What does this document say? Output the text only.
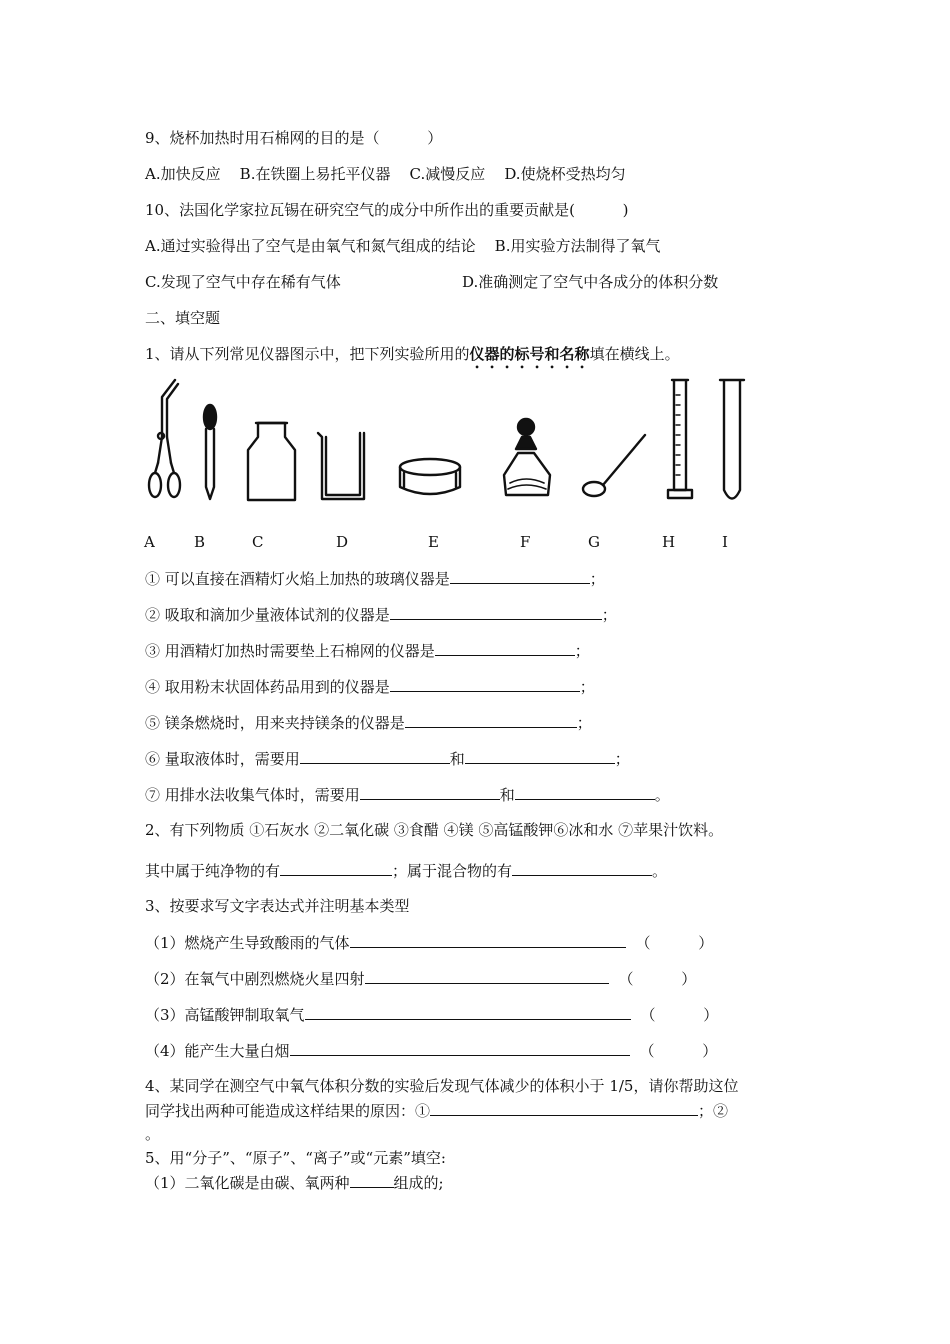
9、烧杯加热时用石棉网的目的是（          ）
A.加快反应    B.在铁圈上易托平仪器    C.减慢反应    D.使烧杯受热均匀
10、法国化学家拉瓦锡在研究空气的成分中所作出的重要贡献是(          )
A.通过实验得出了空气是由氧气和氮气组成的结论    B.用实验方法制得了氧气
C.发现了空气中存在稀有气体	D.准确测定了空气中各成分的体积分数
二、填空题
1、请从下列常见仪器图示中，把下列实验所用的仪器的标号和名称填在横线上。
A	B	C	D	E	F	G	H	I
① 可以直接在酒精灯火焰上加热的玻璃仪器是	；
② 吸取和滴加少量液体试剂的仪器是	；
③ 用酒精灯加热时需要垫上石棉网的仪器是	；
④ 取用粉末状固体药品用到的仪器是	；
⑤ 镁条燃烧时，用来夹持镁条的仪器是	；
⑥ 量取液体时，需要用	和	；
⑦ 用排水法收集气体时，需要用	和	。
2、有下列物质 ①石灰水 ②二氧化碳 ③食醋 ④镁 ⑤高锰酸钾⑥冰和水 ⑦苹果汁饮料。
其中属于纯净物的有	；属于混合物的有	。
3、按要求写文字表达式并注明基本类型
（1）燃烧产生导致酸雨的气体	（          ）
（2）在氧气中剧烈燃烧火星四射	（          ）
（3）高锰酸钾制取氧气	（          ）
（4）能产生大量白烟	（          ）
4、某同学在测空气中氧气体积分数的实验后发现气体减少的体积小于 1/5，请你帮助这位
同学找出两种可能造成这样结果的原因：①	；②
。
5、用“分子”、“原子”、“离子”或“元素”填空:
（1）二氧化碳是由碳、氧两种	组成的;
